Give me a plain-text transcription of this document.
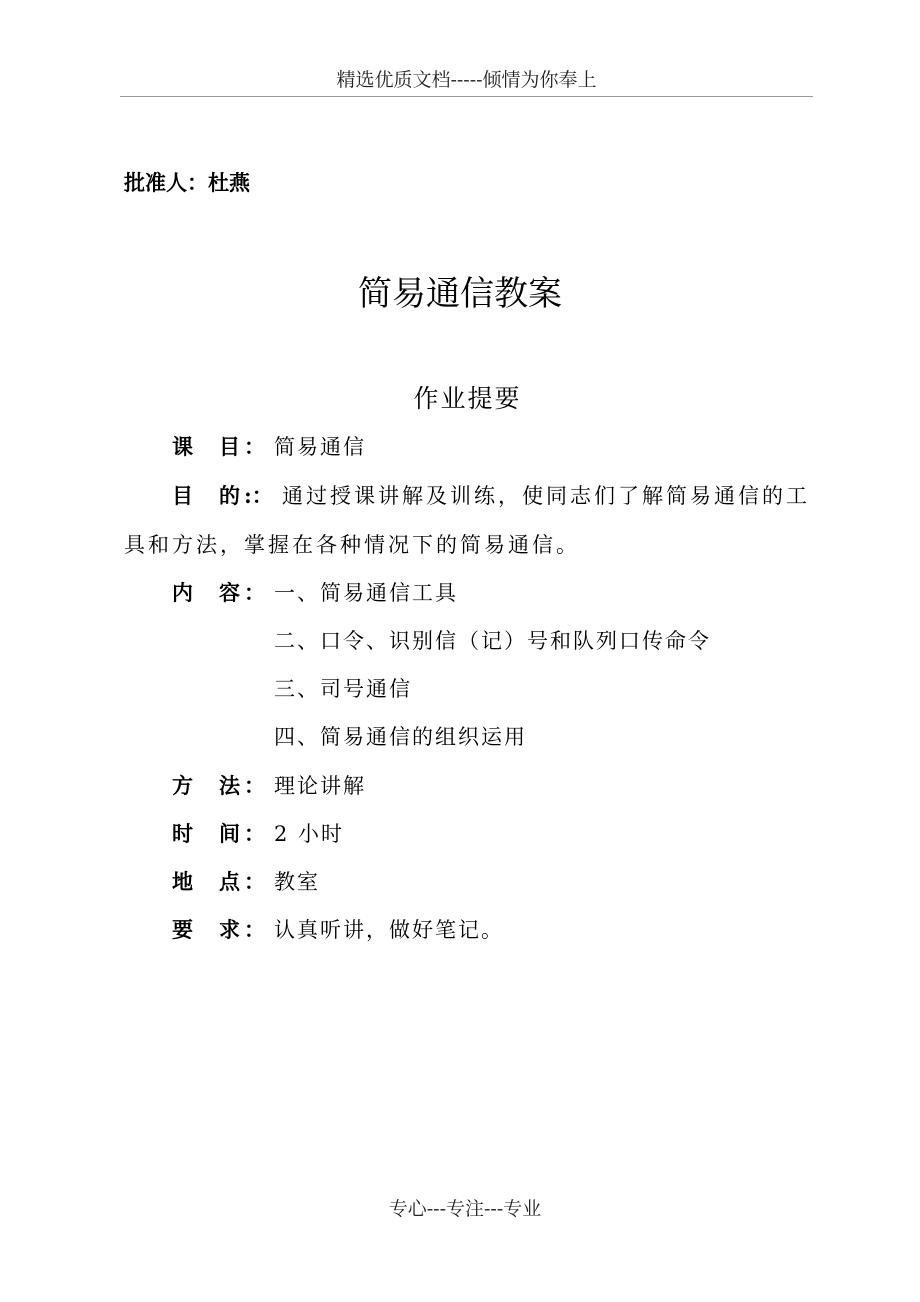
精选优质文档-----倾情为你奉上
批准人：杜燕
简易通信教案
作业提要
课 目 ： 简易通信
目 的 :： 通过授课讲解及训练，使同志们了解简易通信的工
具和方法，掌握在各种情况下的简易通信。
内 容 ： 一、简易通信工具
二、口令、识别信（记）号和队列口传命令
三、司号通信
四、简易通信的组织运用
方 法 ： 理论讲解
时 间 ： 2 小时
地 点 ： 教室
要 求 ： 认真听讲，做好笔记。
专心---专注---专业
